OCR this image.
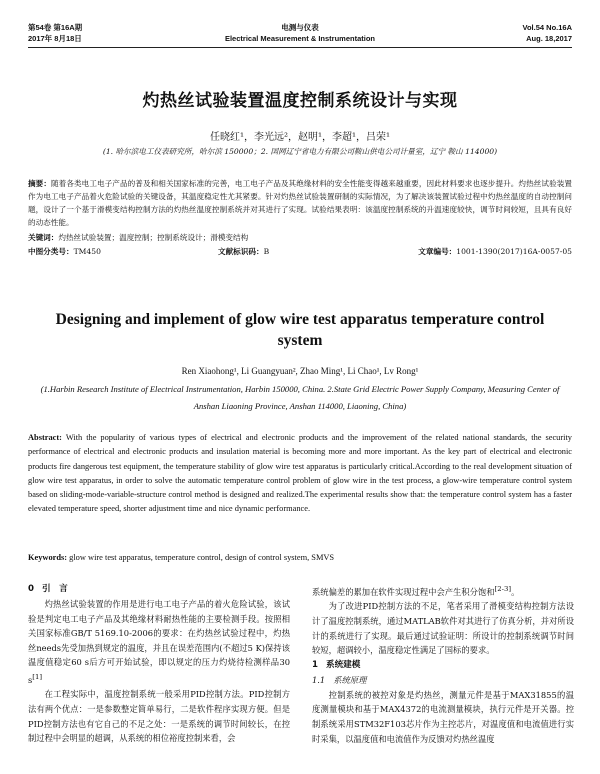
第54卷 第16A期
2017年 8月18日
电测与仪表
Electrical Measurement & Instrumentation
Vol.54 No.16A
Aug. 18,2017
灼热丝试验装置温度控制系统设计与实现
任晓红¹，李光远²，赵明¹，李超¹，吕荣¹
(1. 哈尔滨电工仪表研究所，哈尔滨 150000；2. 国网辽宁省电力有限公司鞍山供电公司计量室，辽宁 鞍山 114000)
摘要：随着各类电工电子产品的普及和相关国家标准的完善，电工电子产品及其绝缘材料的安全性能变得越来越重要，因此材料要求也逐步提升。灼热丝试验装置作为电工电子产品着火危险试验的关键设备，其温度稳定性尤其紧要。针对灼热丝试验装置研制的实际情况，为了解决该装置试验过程中灼热丝温度的自动控制问题，设计了一个基于滑模变结构控制方法的灼热丝温度控制系统并对其进行了实现。试验结果表明：该温度控制系统的升温速度较快，调节时间较短，且具有良好的动态性能。
关键词：灼热丝试验装置；温度控制；控制系统设计；滑模变结构
中图分类号：TM450	文献标识码：B	文章编号：1001-1390(2017)16A-0057-05
Designing and implement of glow wire test apparatus temperature control system
Ren Xiaohong¹, Li Guangyuan², Zhao Ming¹, Li Chao¹, Lv Rong¹
(1.Harbin Research Institute of Electrical Instrumentation, Harbin 150000, China. 2.State Grid Electric Power Supply Company, Measuring Center of Anshan Liaoning Province, Anshan 114000, Liaoning, China)
Abstract: With the popularity of various types of electrical and electronic products and the improvement of the related national standards, the security performance of electrical and electronic products and insulation material is becoming more and more important. As the key part of electrical and electronic products fire dangerous test equipment, the temperature stability of glow wire test apparatus is particularly critical.According to the real development situation of glow wire test apparatus, in order to solve the automatic temperature control problem of glow wire in the test process, a glow-wire temperature control system based on sliding-mode-variable-structure control method is designed and realized.The experimental results show that: the temperature control system has a faster elevated temperature speed, shorter adjustment time and nice dynamic performance.
Keywords: glow wire test apparatus, temperature control, design of control system, SMVS
0 引　言

灼热丝试验装置的作用是进行电工电子产品的着火危险试验，该试验是判定电工电子产品及其绝缘材料耐热性能的主要检测手段。按照相关国家标准GB/T 5169.10-2006的要求：在灼热丝试验过程中，灼热丝needs先受加热到规定的温度，并且在误差范围内(不超过5 K)保持该温度值稳定60 s后方可开始试验，即以规定的压力灼烧待检测样品30 s[1]

在工程实际中，温度控制系统一般采用PID控制方法。PID控制方法有两个优点：一是参数整定简单易行，二是软件程序实现方便。但是PID控制方法也有它自己的不足之处：一是系统的调节时间较长，在控制过程中会明显的超调，从系统的相位裕度控制来看，会

系统偏差的累加在软件实现过程中会产生积分饱和[2-3]。

为了改进PID控制方法的不足，笔者采用了滑模变结构控制方法设计了温度控制系统，通过MATLAB软件对其进行了仿真分析，并对所设计的系统进行了实现。最后通过试验证明：所设计的控制系统调节时间较短，超调较小，温度稳定性满足了国标的要求。

1 系统建模
1.1 系统原理

控制系统的被控对象是灼热丝，测量元件是基于MAX31855的温度测量模块和基于MAX4372的电流测量模块，执行元件是开关器。控制系统采用STM32F103芯片作为主控芯片，对温度值和电流值进行实时采集，以温度值和电流值作为反馈对灼热丝温度
